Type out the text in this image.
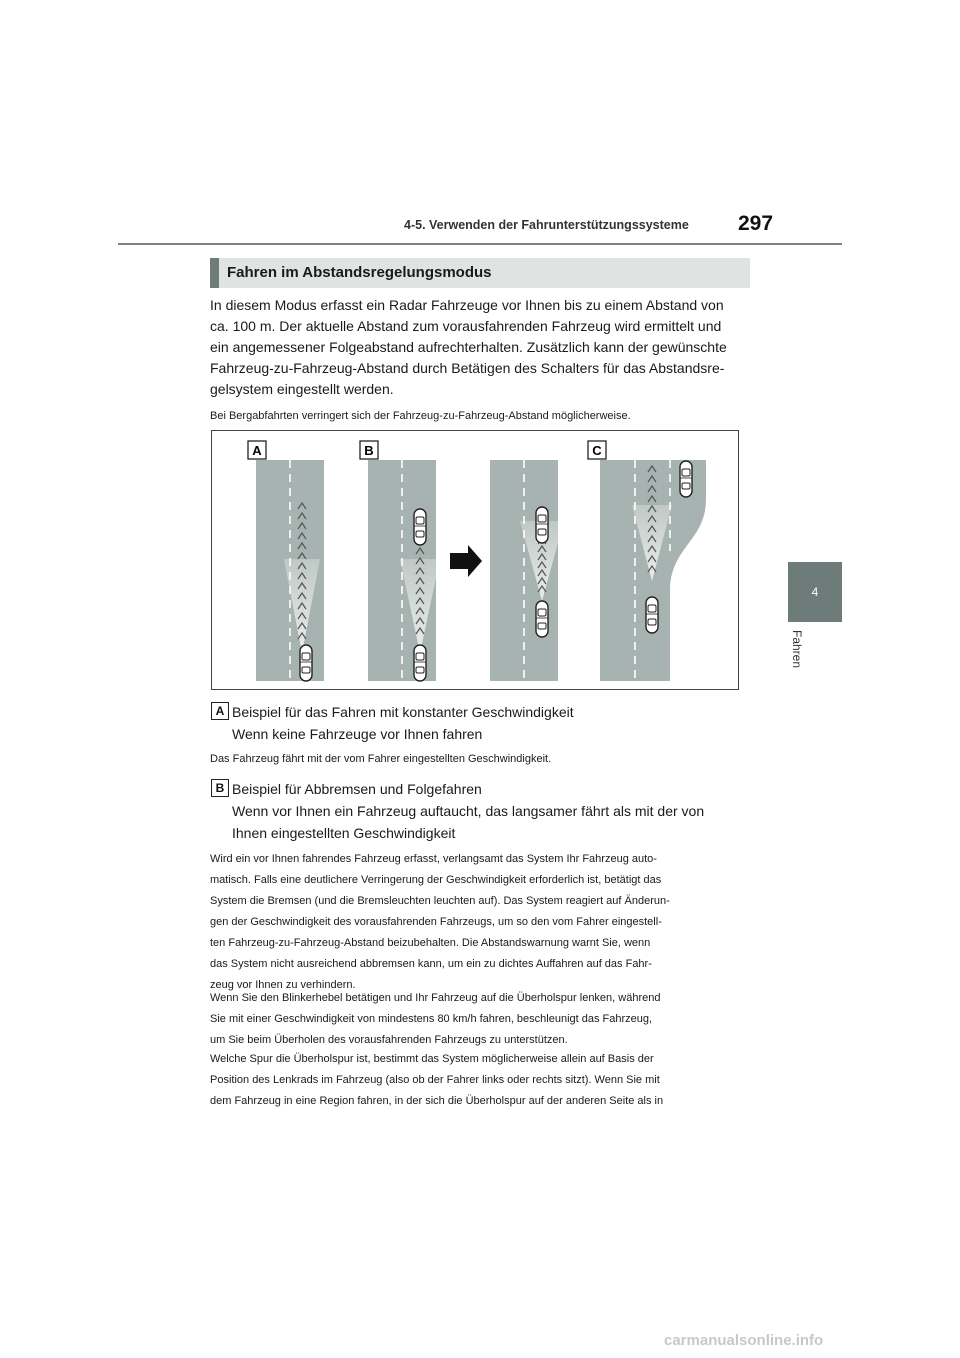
4-5. Verwenden der Fahrunterstützungssysteme 297
4
Fahren
Fahren im Abstandsregelungsmodus
In diesem Modus erfasst ein Radar Fahrzeuge vor Ihnen bis zu einem Abstand von
ca. 100 m. Der aktuelle Abstand zum vorausfahrenden Fahrzeug wird ermittelt und
ein angemessener Folgeabstand aufrechterhalten. Zusätzlich kann der gewünschte
Fahrzeug-zu-Fahrzeug-Abstand durch Betätigen des Schalters für das Abstandsre-
gelsystem eingestellt werden.
Bei Bergabfahrten verringert sich der Fahrzeug-zu-Fahrzeug-Abstand möglicherweise.
A	B	C
A Beispiel für das Fahren mit konstanter Geschwindigkeit
Wenn keine Fahrzeuge vor Ihnen fahren
Das Fahrzeug fährt mit der vom Fahrer eingestellten Geschwindigkeit.
B Beispiel für Abbremsen und Folgefahren
Wenn vor Ihnen ein Fahrzeug auftaucht, das langsamer fährt als mit der von
Ihnen eingestellten Geschwindigkeit
Wird ein vor Ihnen fahrendes Fahrzeug erfasst, verlangsamt das System Ihr Fahrzeug auto-
matisch. Falls eine deutlichere Verringerung der Geschwindigkeit erforderlich ist, betätigt das
System die Bremsen (und die Bremsleuchten leuchten auf). Das System reagiert auf Änderun-
gen der Geschwindigkeit des vorausfahrenden Fahrzeugs, um so den vom Fahrer eingestell-
ten Fahrzeug-zu-Fahrzeug-Abstand beizubehalten. Die Abstandswarnung warnt Sie, wenn
das System nicht ausreichend abbremsen kann, um ein zu dichtes Auffahren auf das Fahr-
zeug vor Ihnen zu verhindern.
Wenn Sie den Blinkerhebel betätigen und Ihr Fahrzeug auf die Überholspur lenken, während
Sie mit einer Geschwindigkeit von mindestens 80 km/h fahren, beschleunigt das Fahrzeug,
um Sie beim Überholen des vorausfahrenden Fahrzeugs zu unterstützen.
Welche Spur die Überholspur ist, bestimmt das System möglicherweise allein auf Basis der
Position des Lenkrads im Fahrzeug (also ob der Fahrer links oder rechts sitzt). Wenn Sie mit
dem Fahrzeug in eine Region fahren, in der sich die Überholspur auf der anderen Seite als in
carmanualsonline.info
